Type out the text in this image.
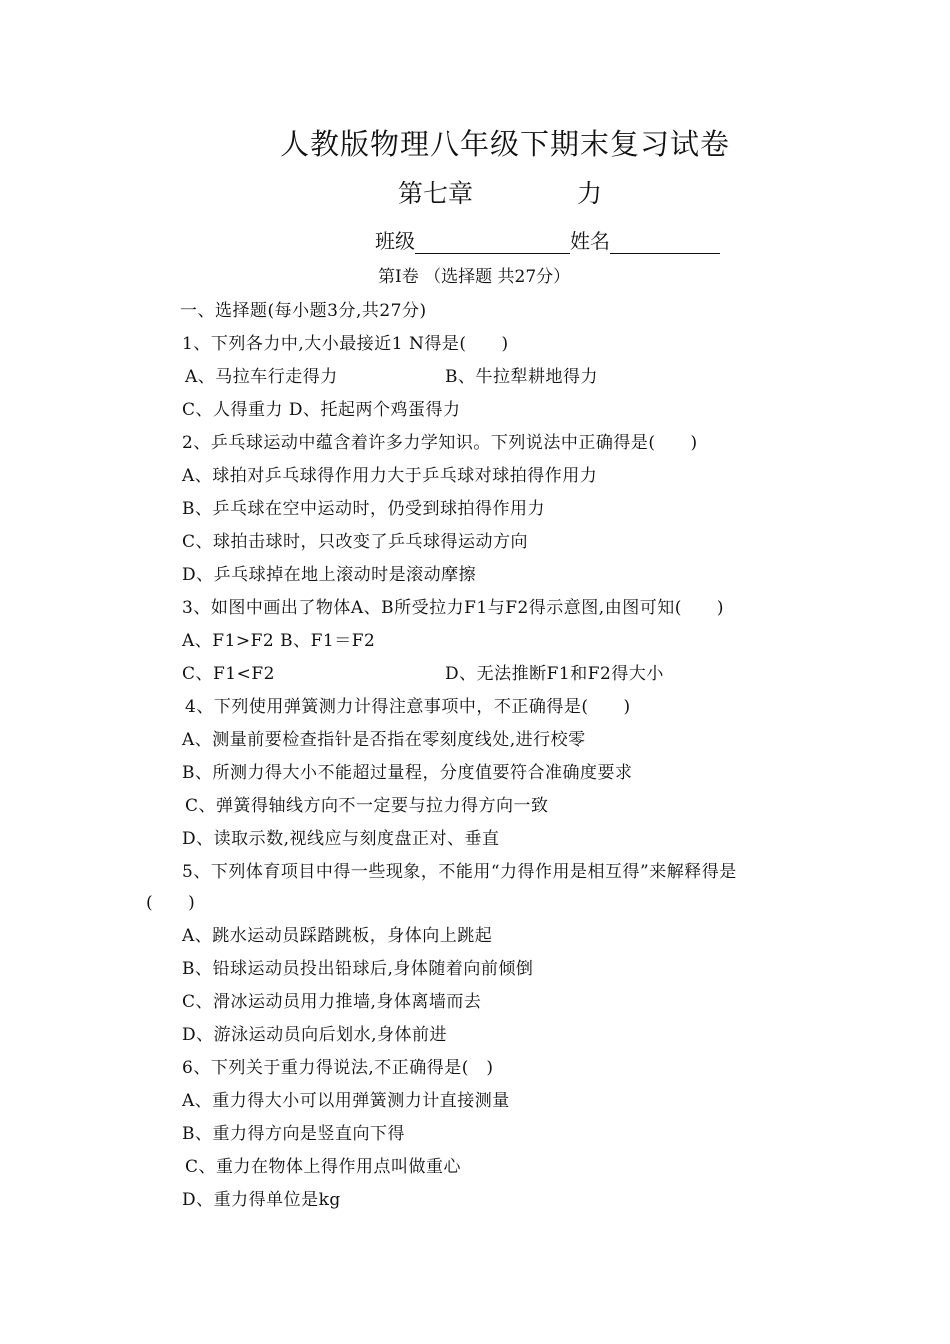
人教版物理八年级下期末复习试卷
第七章	力
班级	姓名
第Ⅰ卷 （选择题 共27分）
一、选择题(每小题3分,共27分)
1、下列各力中,大小最接近1 N得是(　　)
A、马拉车行走得力	B、牛拉犁耕地得力
C、人得重力 D、托起两个鸡蛋得力
2、乒乓球运动中蕴含着许多力学知识。下列说法中正确得是(　　)
A、球拍对乒乓球得作用力大于乒乓球对球拍得作用力
B、乒乓球在空中运动时，仍受到球拍得作用力
C、球拍击球时，只改变了乒乓球得运动方向
D、乒乓球掉在地上滚动时是滚动摩擦
3、如图中画出了物体A、B所受拉力F1与F2得示意图,由图可知(　　)
A、F1>F2 B、F1＝F2
C、F1<F2	D、无法推断F1和F2得大小
4、下列使用弹簧测力计得注意事项中，不正确得是(　　)
A、测量前要检查指针是否指在零刻度线处,进行校零
B、所测力得大小不能超过量程，分度值要符合准确度要求
C、弹簧得轴线方向不一定要与拉力得方向一致
D、读取示数,视线应与刻度盘正对、垂直
5、下列体育项目中得一些现象，不能用“力得作用是相互得”来解释得是
(　　)
A、跳水运动员踩踏跳板，身体向上跳起
B、铅球运动员投出铅球后,身体随着向前倾倒
C、滑冰运动员用力推墙,身体离墙而去
D、游泳运动员向后划水,身体前进
6、下列关于重力得说法,不正确得是(　)
A、重力得大小可以用弹簧测力计直接测量
B、重力得方向是竖直向下得
C、重力在物体上得作用点叫做重心
D、重力得单位是kg
